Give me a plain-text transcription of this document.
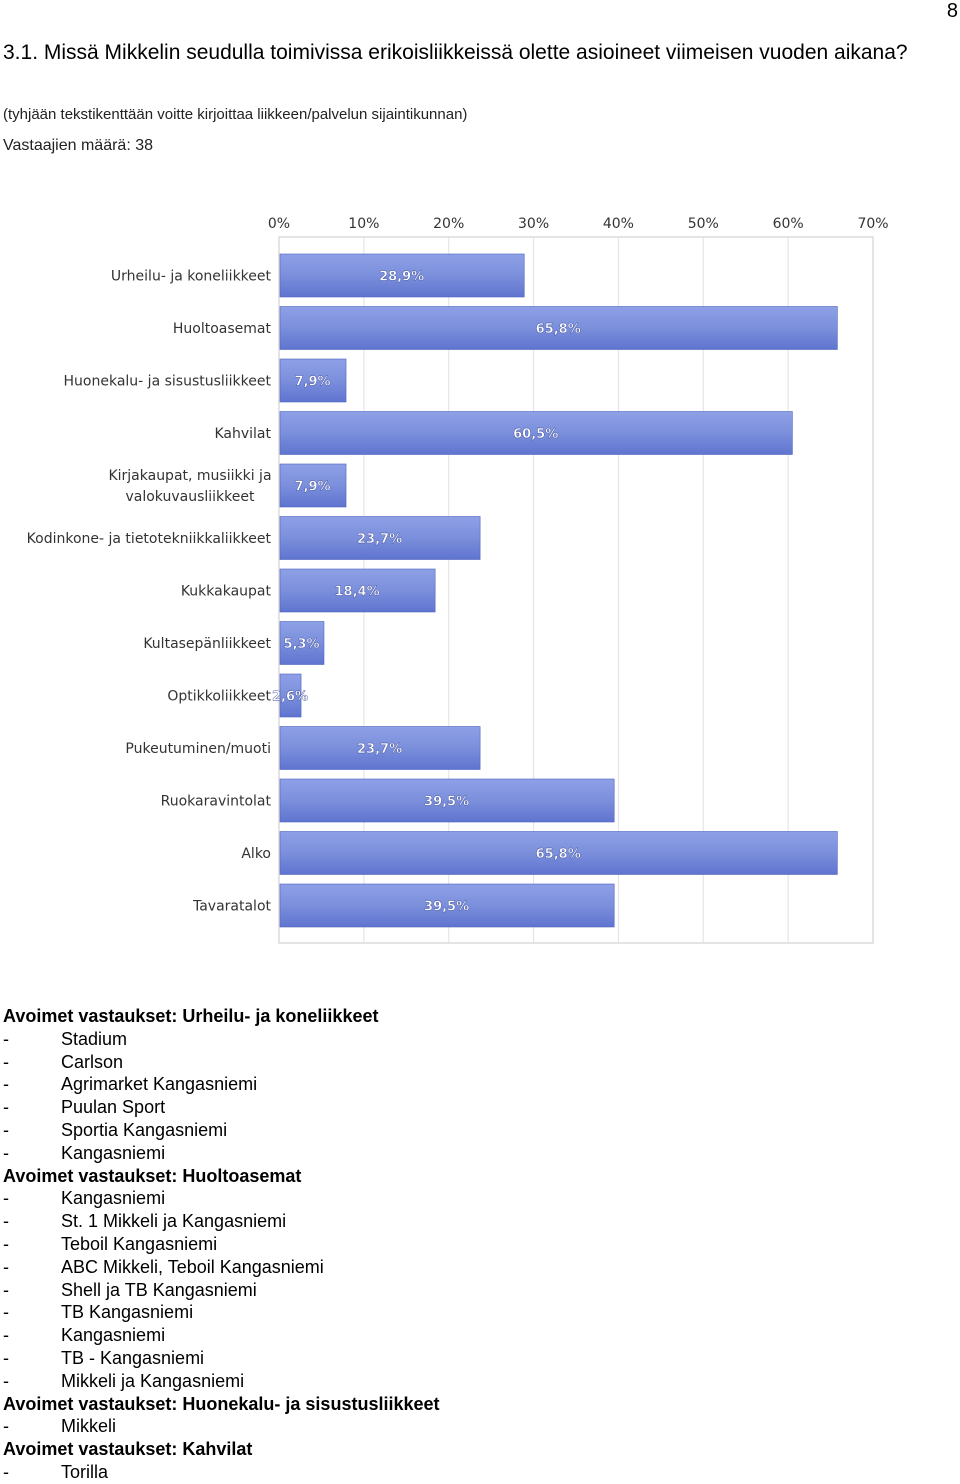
8
3.1. Missä Mikkelin seudulla toimivissa erikoisliikkeissä olette asioineet viimeisen vuoden aikana?
(tyhjään tekstikenttään voitte kirjoittaa liikkeen/palvelun sijaintikunnan)
Vastaajien määrä: 38
0%	10%	20%	30%	40%	50%	60%	70%
28,9%
65,8%
7,9%
60,5%
7,9%
23,7%
18,4%
5,3%
2,6%
23,7%
39,5%
65,8%
39,5%
Urheilu- ja koneliikkeet
Huoltoasemat
Huonekalu- ja sisustusliikkeet
Kahvilat
Kirjakaupat, musiikki ja
valokuvausliikkeet
Kodinkone- ja tietotekniikkaliikkeet
Kukkakaupat
Kultasepänliikkeet
Optikkoliikkeet
Pukeutuminen/muoti
Ruokaravintolat
Alko
Tavaratalot
Avoimet vastaukset: Urheilu- ja koneliikkeet
-	Stadium
-	Carlson
-	Agrimarket Kangasniemi
-	Puulan Sport
-	Sportia Kangasniemi
-	Kangasniemi
Avoimet vastaukset: Huoltoasemat
-	Kangasniemi
-	St. 1 Mikkeli ja Kangasniemi
-	Teboil Kangasniemi
-	ABC Mikkeli, Teboil Kangasniemi
-	Shell ja TB Kangasniemi
-	TB Kangasniemi
-	Kangasniemi
-	TB - Kangasniemi
-	Mikkeli ja Kangasniemi
Avoimet vastaukset: Huonekalu- ja sisustusliikkeet
-	Mikkeli
Avoimet vastaukset: Kahvilat
-	Torilla
